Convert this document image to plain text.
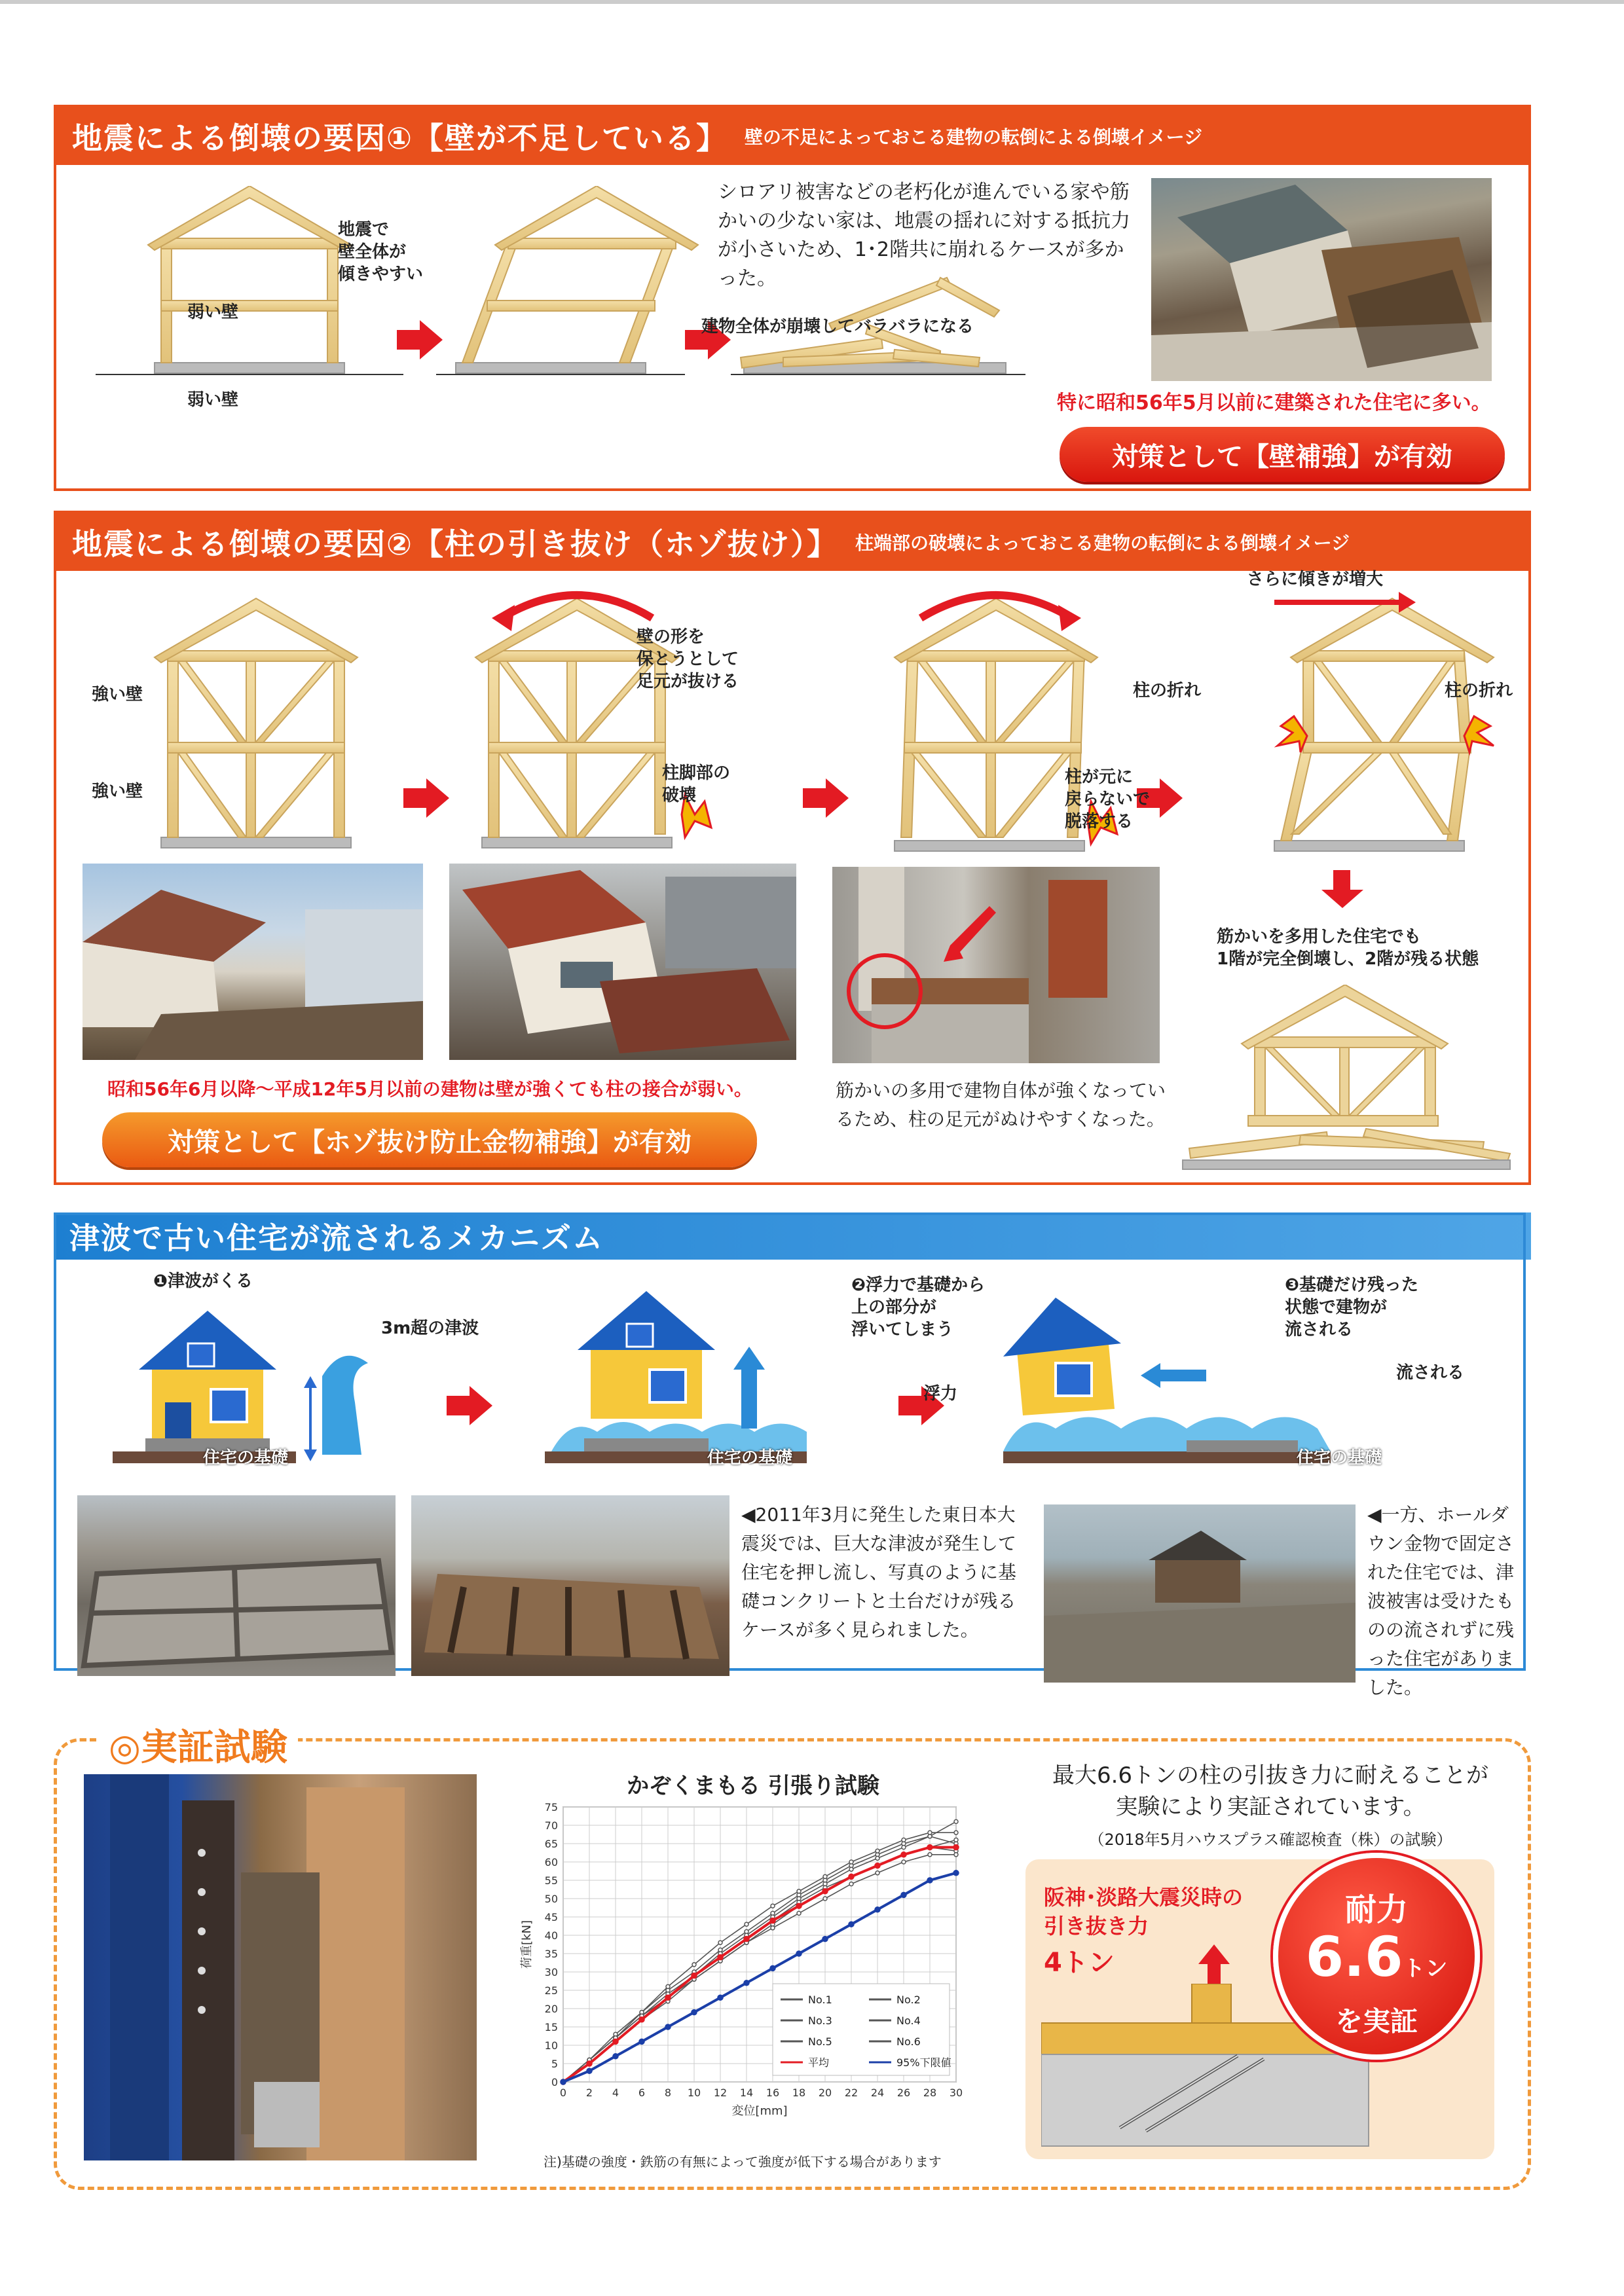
地震による倒壊の要因①【壁が不足している】 壁の不足によっておこる建物の転倒による倒壊イメージ
弱い壁
弱い壁
地震で
壁全体が
傾きやすい
建物全体が崩壊してバラバラになる
シロアリ被害などの老朽化が進んでいる家や筋かいの少ない家は、地震の揺れに対する抵抗力が小さいため、1･2階共に崩れるケースが多かった。
特に昭和56年5月以前に建築された住宅に多い。
対策として【壁補強】が有効
地震による倒壊の要因②【柱の引き抜け（ホゾ抜け）】 柱端部の破壊によっておこる建物の転倒による倒壊イメージ
さらに傾きが増大
強い壁
強い壁
壁の形を
保とうとして
足元が抜ける
柱脚部の
破壊
柱が元に
戻らないで
脱落する
柱の折れ	柱の折れ
筋かいを多用した住宅でも
1階が完全倒壊し、2階が残る状態
昭和56年6月以降～平成12年5月以前の建物は壁が強くても柱の接合が弱い。
対策として【ホゾ抜け防止金物補強】が有効
筋かいの多用で建物自体が強くなっているため、柱の足元がぬけやすくなった。
津波で古い住宅が流されるメカニズム
❶津波がくる
3m超の津波
❷浮力で基礎から
上の部分が
浮いてしまう
浮力
❸基礎だけ残った
状態で建物が
流される
流される
住宅の基礎	住宅の基礎	住宅の基礎
◀2011年3月に発生した東日本大震災では、巨大な津波が発生して住宅を押し流し、写真のように基礎コンクリートと土台だけが残るケースが多く見られました。
◀一方、ホールダウン金物で固定された住宅では、津波被害は受けたものの流されずに残った住宅がありました。
◎実証試験
かぞくまもる 引張り試験
0
5
10
15
20
25
30
35
40
45
50
55
60
65
70
75
0 2 4 6 8 10 12 14 16 18 20 22 24 26 28 30
変位[mm]
荷重[kN]
No.1	No.2
No.3	No.4
No.5	No.6
平均	95%下限値
注)基礎の強度・鉄筋の有無によって強度が低下する場合があります
最大6.6トンの柱の引抜き力に耐えることが
実験により実証されています。
（2018年5月ハウスプラス確認検査（株）の試験）
阪神･淡路大震災時の
引き抜き力
4トン
耐力
6.6トン
を実証
